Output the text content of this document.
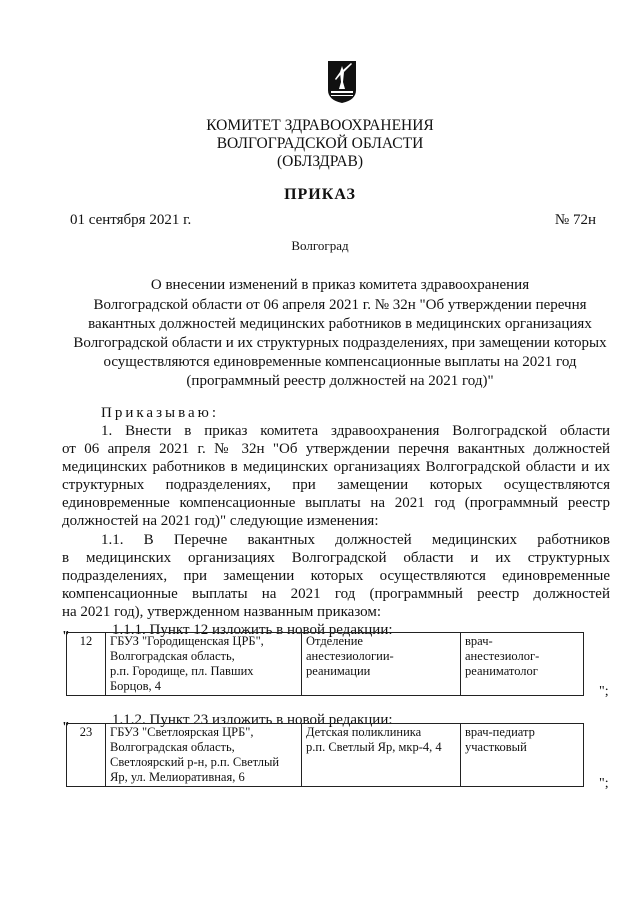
КОМИТЕТ ЗДРАВООХРАНЕНИЯ
ВОЛГОГРАДСКОЙ ОБЛАСТИ
(ОБЛЗДРАВ)
ПРИКАЗ
01 сентября 2021 г.	№ 72н
Волгоград
О внесении изменений в приказ комитета здравоохранения
Волгоградской области от 06 апреля 2021 г. № 32н "Об утверждении перечня
вакантных должностей медицинских работников в медицинских организациях
Волгоградской области и их структурных подразделениях, при замещении которых
осуществляются единовременные компенсационные выплаты на 2021 год
(программный реестр должностей на 2021 год)"
Приказываю:
1. Внести в приказ комитета здравоохранения Волгоградской области
от 06 апреля 2021 г. № 32н "Об утверждении перечня вакантных должностей
медицинских работников в медицинских организациях Волгоградской области и их
структурных подразделениях, при замещении которых осуществляются
единовременные компенсационные выплаты на 2021 год (программный реестр
должностей на 2021 год)" следующие изменения:
1.1. В Перечне вакантных должностей медицинских работников
в медицинских организациях Волгоградской области и их структурных
подразделениях, при замещении которых осуществляются единовременные
компенсационные выплаты на 2021 год (программный реестр должностей
на 2021 год), утвержденном названным приказом:
1.1.1. Пункт 12 изложить в новой редакции:
" 12	ГБУЗ "Городищенская ЦРБ",
Волгоградская область,
р.п. Городище, пл. Павших
Борцов, 4

Отделение
анестезиологии-
реанимации

врач-
анестезиолог-
реаниматолог
";
1.1.2. Пункт 23 изложить в новой редакции:
" 23	ГБУЗ "Светлоярская ЦРБ",
Волгоградская область,
Светлоярский р-н, р.п. Светлый
Яр, ул. Мелиоративная, 6

Детская поликлиника
р.п. Светлый Яр, мкр-4, 4

врач-педиатр
участковый
";
